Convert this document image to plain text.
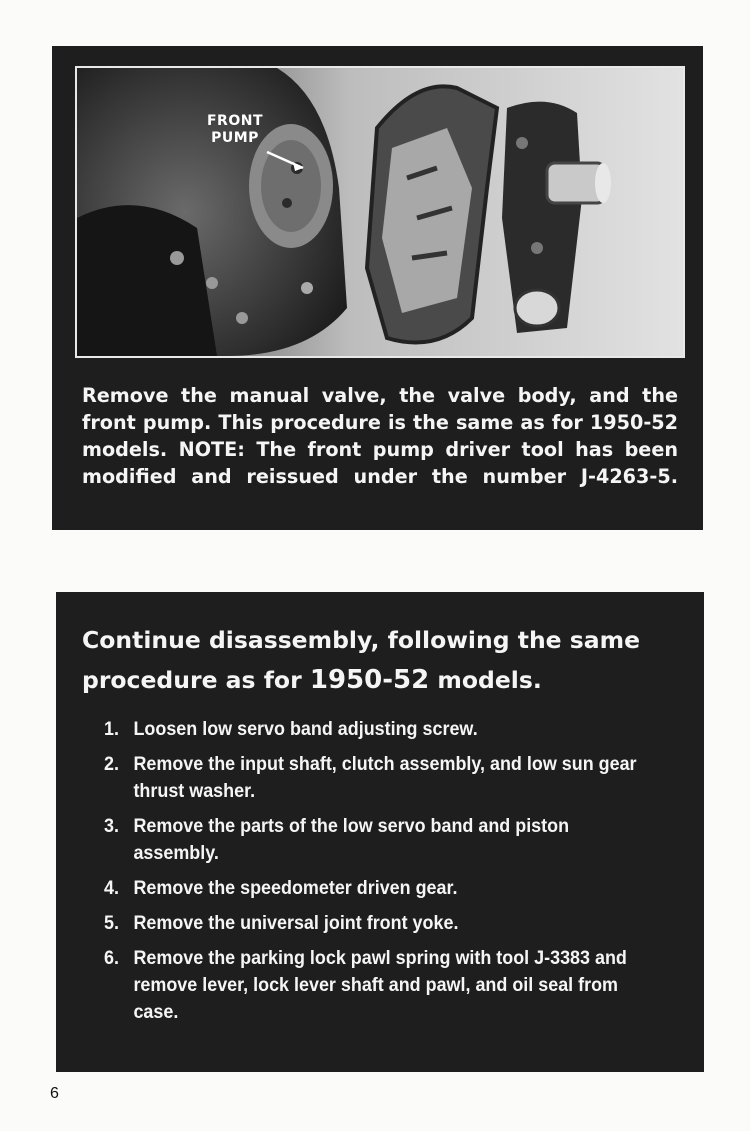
FRONT PUMP

Remove the manual valve, the valve body, and the
front pump. This procedure is the same as for 1950-52
models. NOTE: The front pump driver tool has been
modified and reissued under the number J-4263-5.

Continue disassembly, following the same
procedure as for 1950-52 models.
1. Loosen low servo band adjusting screw.
2. Remove the input shaft, clutch assembly, and low sun gear thrust washer.
3. Remove the parts of the low servo band and piston assembly.
4. Remove the speedometer driven gear.
5. Remove the universal joint front yoke.
6. Remove the parking lock pawl spring with tool J-3383 and remove lever, lock lever shaft and pawl, and oil seal from case.
6
